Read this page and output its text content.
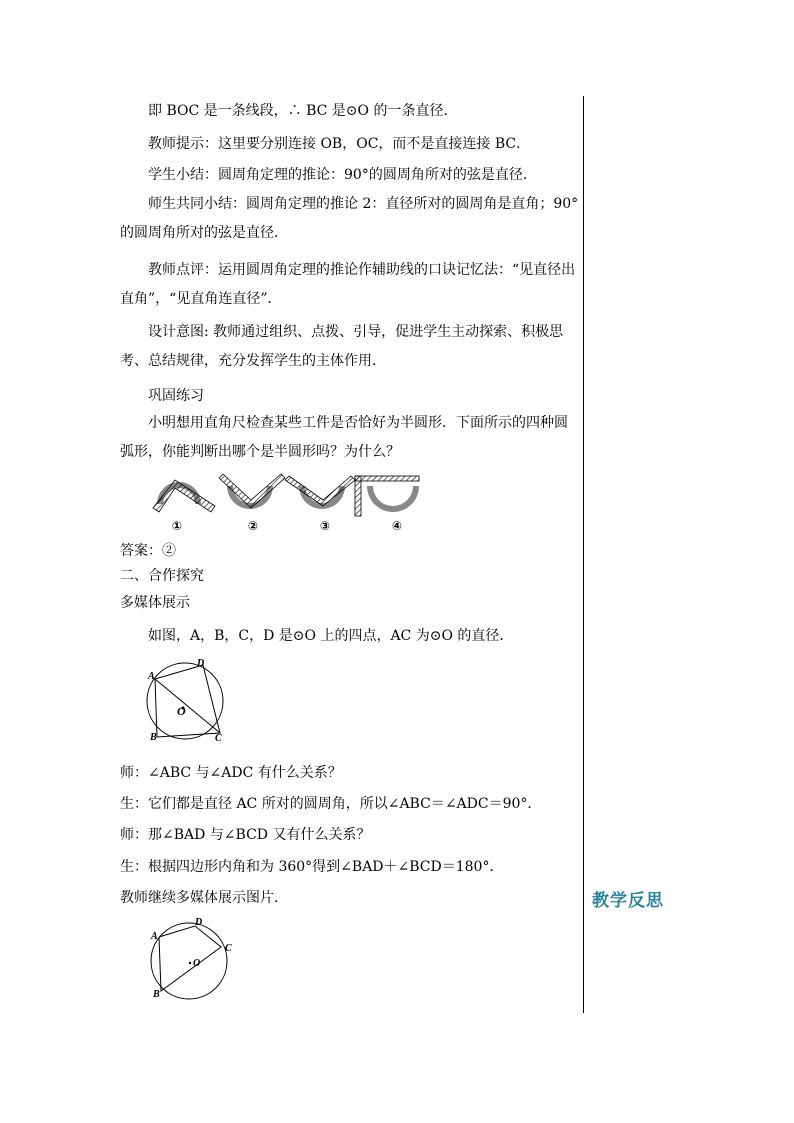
即 BOC 是一条线段，∴ BC 是⊙O 的一条直径．
教师提示：这里要分别连接 OB，OC，而不是直接连接 BC．
学生小结：圆周角定理的推论：90°的圆周角所对的弦是直径．
师生共同小结：圆周角定理的推论 2：直径所对的圆周角是直角；90°的圆周角所对的弦是直径．
教师点评：运用圆周角定理的推论作辅助线的口诀记忆法：“见直径出直角”，“见直角连直径”．
设计意图: 教师通过组织、点拨、引导，促进学生主动探索、积极思考、总结规律，充分发挥学生的主体作用．
巩固练习
小明想用直角尺检查某些工件是否恰好为半圆形．下面所示的四种圆弧形，你能判断出哪个是半圆形吗？为什么？
①	②	③	④
答案：②
二、合作探究
多媒体展示
如图，A，B，C，D 是⊙O 上的四点，AC 为⊙O 的直径．
A
B	C
D
O
师：∠ABC 与∠ADC 有什么关系？
生：它们都是直径 AC 所对的圆周角，所以∠ABC＝∠ADC＝90°．
师：那∠BAD 与∠BCD 又有什么关系？
生：根据四边形内角和为 360°得到∠BAD＋∠BCD＝180°．
教师继续多媒体展示图片.
A
B
C
D
O
教学反思
